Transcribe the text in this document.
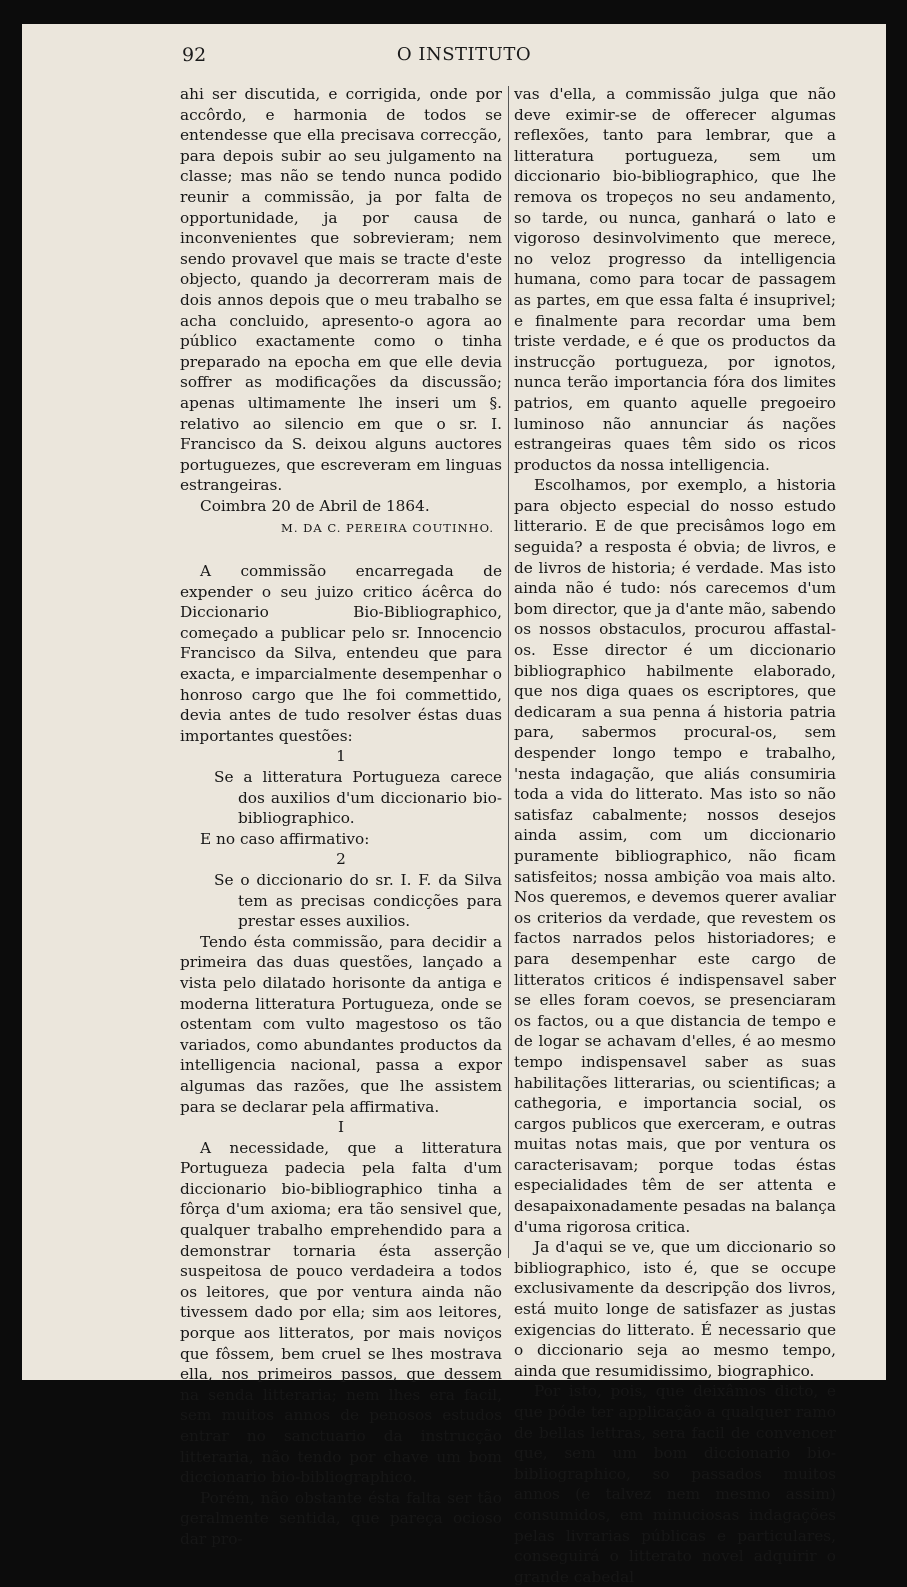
92	O INSTITUTO

ahi ser discutida, e corrigida, onde por accôrdo, e harmonia de todos se entendesse que ella precisava correcção, para depois subir ao seu julgamento na classe; mas não se tendo nunca podido reunir a commissão, ja por falta de opportunidade, ja por causa de inconvenientes que sobrevieram; nem sendo provavel que mais se tracte d'este objecto, quando ja decorreram mais de dois annos depois que o meu trabalho se acha concluido, apresento-o agora ao público exactamente como o tinha preparado na epocha em que elle devia soffrer as modificações da discussão; apenas ultimamente lhe inseri um §. relativo ao silencio em que o sr. I. Francisco da S. deixou alguns auctores portuguezes, que escreveram em linguas estrangeiras.

Coimbra 20 de Abril de 1864.

M. DA C. PEREIRA COUTINHO.

A commissão encarregada de expender o seu juizo critico ácêrca do Diccionario Bio-Bibliographico, começado a publicar pelo sr. Innocencio Francisco da Silva, entendeu que para exacta, e imparcialmente desempenhar o honroso cargo que lhe foi commettido, devia antes de tudo resolver éstas duas importantes questões:

1

Se a litteratura Portugueza carece dos auxilios d'um diccionario bio-bibliographico.

E no caso affirmativo:

2

Se o diccionario do sr. I. F. da Silva tem as precisas condicções para prestar esses auxilios.

Tendo ésta commissão, para decidir a primeira das duas questões, lançado a vista pelo dilatado horisonte da antiga e moderna litteratura Portugueza, onde se ostentam com vulto magestoso os tão variados, como abundantes productos da intelligencia nacional, passa a expor algumas das razões, que lhe assistem para se declarar pela affirmativa.

I

A necessidade, que a litteratura Portugueza padecia pela falta d'um diccionario bio-bibliographico tinha a fôrça d'um axioma; era tão sensivel que, qualquer trabalho emprehendido para a demonstrar tornaria ésta asserção suspeitosa de pouco verdadeira a todos os leitores, que por ventura ainda não tivessem dado por ella; sim aos leitores, porque aos litteratos, por mais noviços que fôssem, bem cruel se lhes mostrava ella, nos primeiros passos, que dessem na senda litteraria; nem lhes era facil, sem muitos annos de penosos estudos entrar no sanctuario da instrucção litteraria, não tendo por chave um bom diccionario bio-bibliographico.

Porém, não obstante ésta falta ser tão geralmente sentida, que pareça ocioso dar pro-

vas d'ella, a commissão julga que não deve eximir-se de offerecer algumas reflexões, tanto para lembrar, que a litteratura portugueza, sem um diccionario bio-bibliographico, que lhe remova os tropeços no seu andamento, so tarde, ou nunca, ganhará o lato e vigoroso desinvolvimento que merece, no veloz progresso da intelligencia humana, como para tocar de passagem as partes, em que essa falta é insuprivel; e finalmente para recordar uma bem triste verdade, e é que os productos da instrucção portugueza, por ignotos, nunca terão importancia fóra dos limites patrios, em quanto aquelle pregoeiro luminoso não annunciar ás nações estrangeiras quaes têm sido os ricos productos da nossa intelligencia.

Escolhamos, por exemplo, a historia para objecto especial do nosso estudo litterario. E de que precisâmos logo em seguida? a resposta é obvia; de livros, e de livros de historia; é verdade. Mas isto ainda não é tudo: nós carecemos d'um bom director, que ja d'ante mão, sabendo os nossos obstaculos, procurou affastal-os. Esse director é um diccionario bibliographico habilmente elaborado, que nos diga quaes os escriptores, que dedicaram a sua penna á historia patria para, sabermos procural-os, sem despender longo tempo e trabalho, 'nesta indagação, que aliás consumiria toda a vida do litterato. Mas isto so não satisfaz cabalmente; nossos desejos ainda assim, com um diccionario puramente bibliographico, não ficam satisfeitos; nossa ambição voa mais alto. Nos queremos, e devemos querer avaliar os criterios da verdade, que revestem os factos narrados pelos historiadores; e para desempenhar este cargo de litteratos criticos é indispensavel saber se elles foram coevos, se presenciaram os factos, ou a que distancia de tempo e de logar se achavam d'elles, é ao mesmo tempo indispensavel saber as suas habilitações litterarias, ou scientificas; a cathegoria, e importancia social, os cargos publicos que exerceram, e outras muitas notas mais, que por ventura os caracterisavam; porque todas éstas especialidades têm de ser attenta e desapaixonadamente pesadas na balança d'uma rigorosa critica.

Ja d'aqui se ve, que um diccionario so bibliographico, isto é, que se occupe exclusivamente da descripção dos livros, está muito longe de satisfazer as justas exigencias do litterato. É necessario que o diccionario seja ao mesmo tempo, ainda que resumidissimo, biographico.

Por isto, pois, que deixâmos dicto, e que póde ter applicação a qualquer ramo de bellas lettras, sera facil de convencer que, sem um bom diccionario bio-bibliographico, so passados muitos annos (e talvez nem mesmo assim) consumidos, em minuciosas indagações pelas livrarias públicas e particulares, conseguirá o litterato novel adquirir o grande cabedal
